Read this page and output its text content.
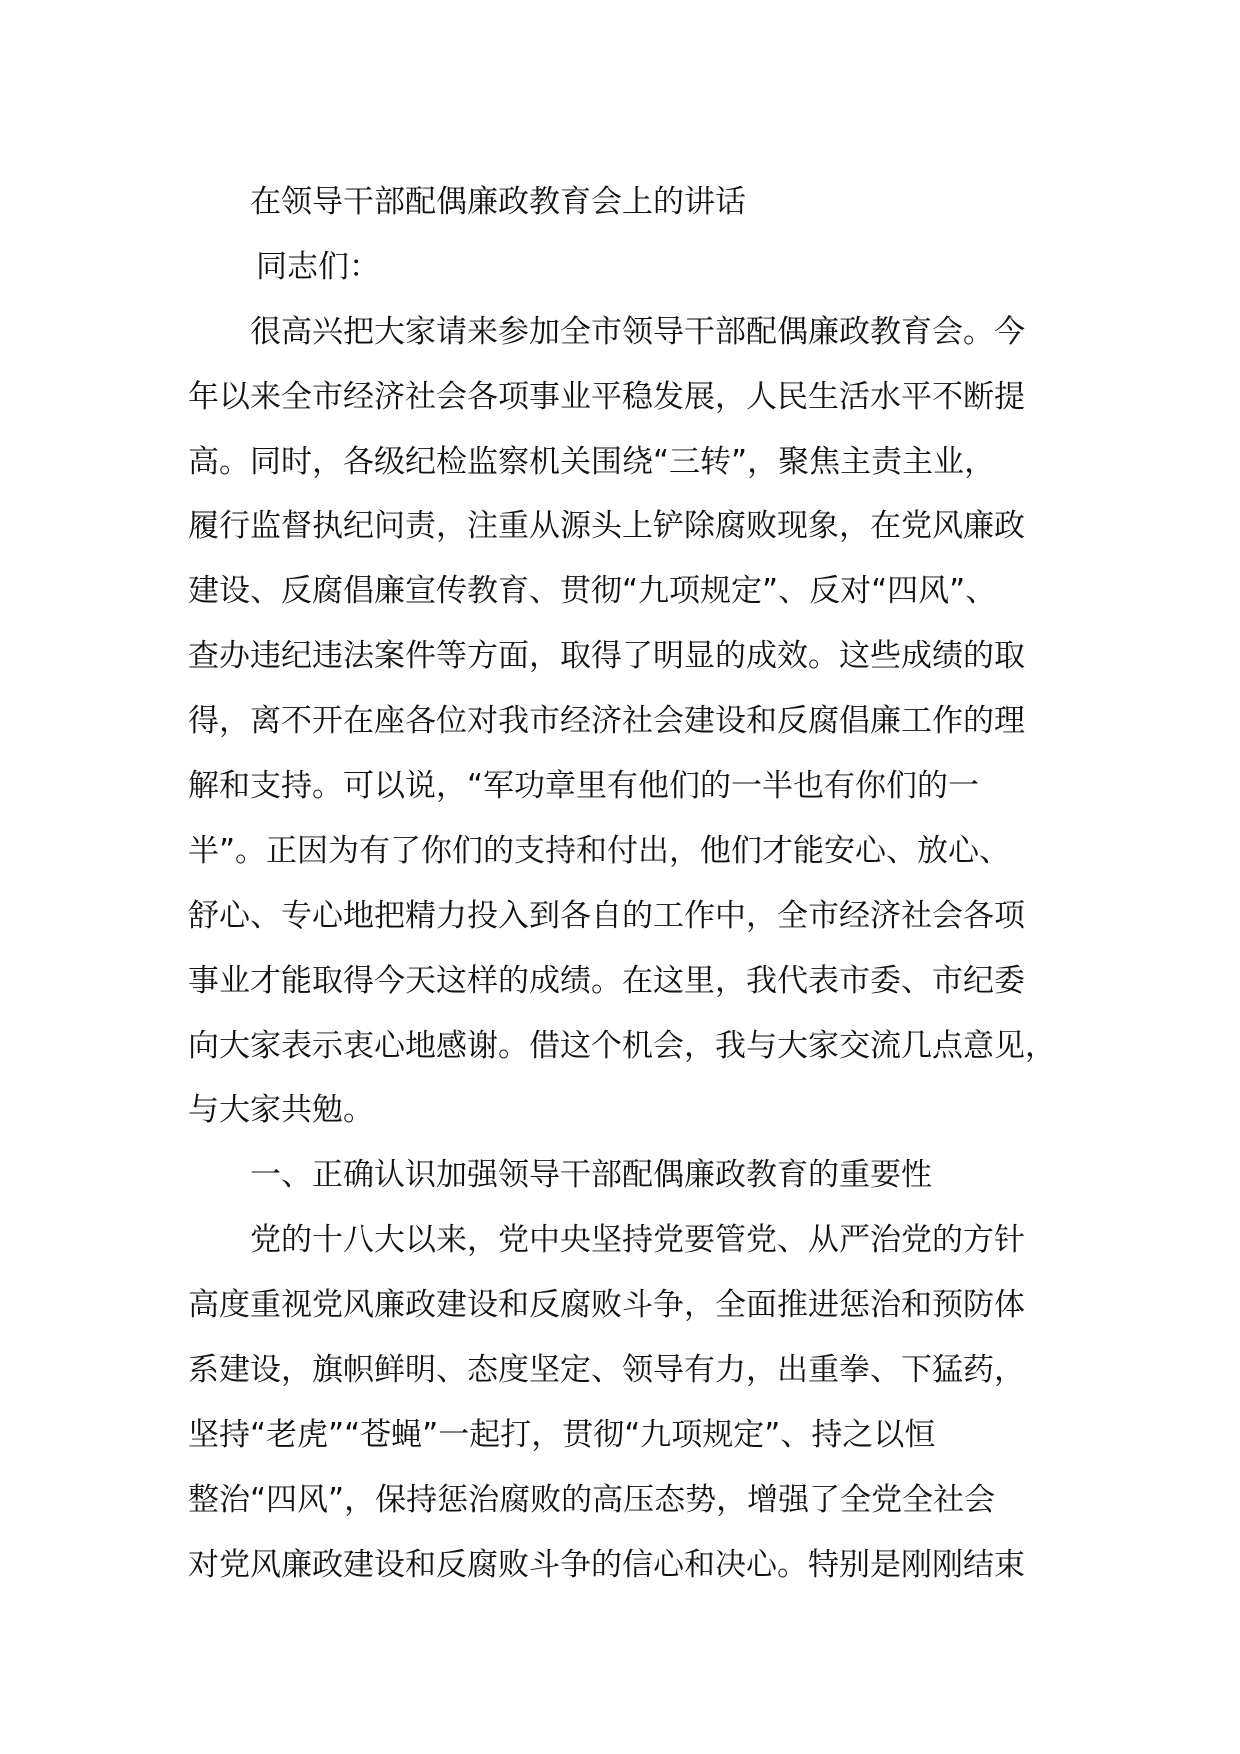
在领导干部配偶廉政教育会上的讲话
同志们：
很高兴把大家请来参加全市领导干部配偶廉政教育会。今
年以来全市经济社会各项事业平稳发展，人民生活水平不断提
高。同时，各级纪检监察机关围绕“三转”，聚焦主责主业，
履行监督执纪问责，注重从源头上铲除腐败现象，在党风廉政
建设、反腐倡廉宣传教育、贯彻“九项规定”、反对“四风”、
查办违纪违法案件等方面，取得了明显的成效。这些成绩的取
得，离不开在座各位对我市经济社会建设和反腐倡廉工作的理
解和支持。可以说，“军功章里有他们的一半也有你们的一
半”。正因为有了你们的支持和付出，他们才能安心、放心、
舒心、专心地把精力投入到各自的工作中，全市经济社会各项
事业才能取得今天这样的成绩。在这里，我代表市委、市纪委
向大家表示衷心地感谢。借这个机会，我与大家交流几点意见，
与大家共勉。
一、正确认识加强领导干部配偶廉政教育的重要性
党的十八大以来，党中央坚持党要管党、从严治党的方针
高度重视党风廉政建设和反腐败斗争，全面推进惩治和预防体
系建设，旗帜鲜明、态度坚定、领导有力，出重拳、下猛药，
坚持“老虎”“苍蝇”一起打，贯彻“九项规定”、持之以恒
整治“四风”，保持惩治腐败的高压态势，增强了全党全社会
对党风廉政建设和反腐败斗争的信心和决心。特别是刚刚结束
